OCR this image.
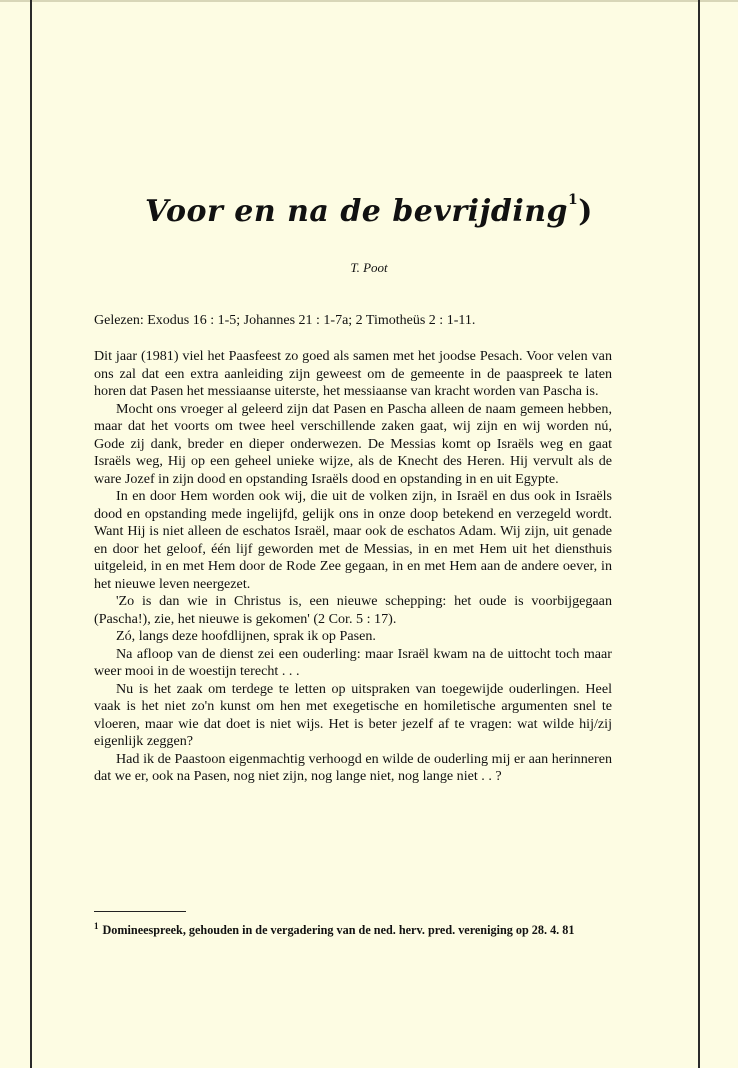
Voor en na de bevrijding$^1$)
T. Poot
Gelezen: Exodus 16 : 1-5; Johannes 21 : 1-7a; 2 Timotheüs 2 : 1-11.

Dit jaar (1981) viel het Paasfeest zo goed als samen met het joodse Pesach. Voor velen van ons zal dat een extra aanleiding zijn geweest om de gemeente in de paaspreek te laten horen dat Pasen het messiaanse uiterste, het messiaanse van kracht worden van Pascha is.

Mocht ons vroeger al geleerd zijn dat Pasen en Pascha alleen de naam gemeen hebben, maar dat het voorts om twee heel verschillende zaken gaat, wij zijn en wij worden nú, Gode zij dank, breder en dieper onderwezen. De Messias komt op Israëls weg en gaat Israëls weg, Hij op een geheel unieke wijze, als de Knecht des Heren. Hij vervult als de ware Jozef in zijn dood en opstanding Israëls dood en opstanding in en uit Egypte.

In en door Hem worden ook wij, die uit de volken zijn, in Israël en dus ook in Israëls dood en opstanding mede ingelijfd, gelijk ons in onze doop betekend en verzegeld wordt. Want Hij is niet alleen de eschatos Israël, maar ook de eschatos Adam. Wij zijn, uit genade en door het geloof, één lijf geworden met de Messias, in en met Hem uit het diensthuis uitgeleid, in en met Hem door de Rode Zee gegaan, in en met Hem aan de andere oever, in het nieuwe leven neergezet.

'Zo is dan wie in Christus is, een nieuwe schepping: het oude is voorbijgegaan (Pascha!), zie, het nieuwe is gekomen' (2 Cor. 5 : 17).

Zó, langs deze hoofdlijnen, sprak ik op Pasen.

Na afloop van de dienst zei een ouderling: maar Israël kwam na de uittocht toch maar weer mooi in de woestijn terecht . . .

Nu is het zaak om terdege te letten op uitspraken van toegewijde ouderlingen. Heel vaak is het niet zo'n kunst om hen met exegetische en homiletische argumenten snel te vloeren, maar wie dat doet is niet wijs. Het is beter jezelf af te vragen: wat wilde hij/zij eigenlijk zeggen?

Had ik de Paastoon eigenmachtig verhoogd en wilde de ouderling mij er aan herinneren dat we er, ook na Pasen, nog niet zijn, nog lange niet, nog lange niet . . ?

$^1$ Domineespreek, gehouden in de vergadering van de ned. herv. pred. vereniging op 28. 4. 81
